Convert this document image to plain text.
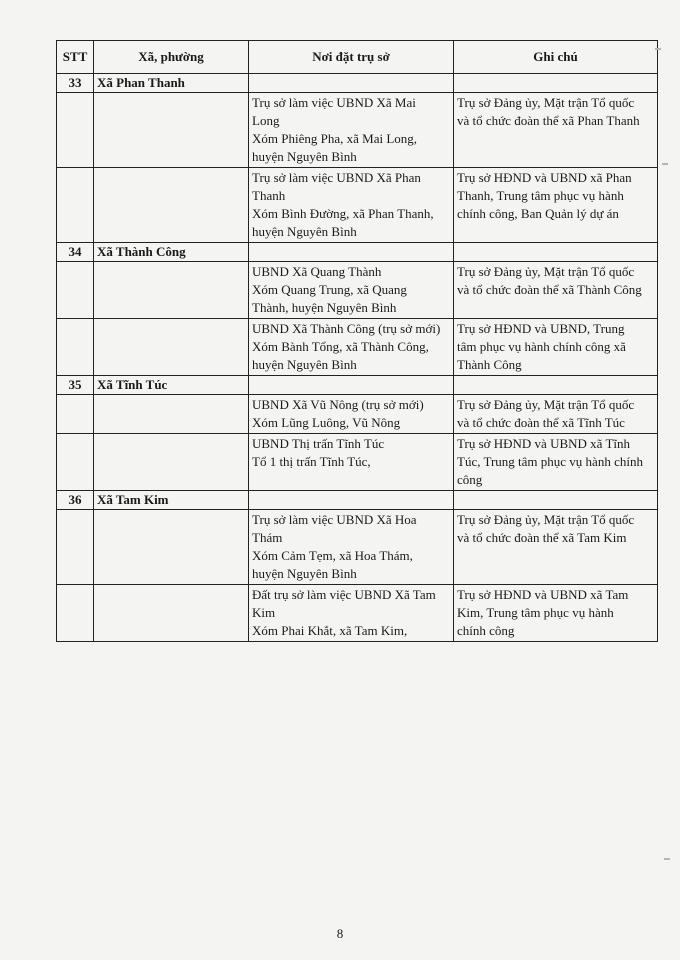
STT	Xã, phường	Nơi đặt trụ sở	Ghi chú
33	Xã Phan Thanh		

		Trụ sở làm việc UBND Xã Mai
Long
Xóm Phiêng Pha, xã Mai Long,
huyện Nguyên Bình	Trụ sở Đảng ủy, Mặt trận Tổ quốc
và tổ chức đoàn thể xã Phan Thanh

		Trụ sở làm việc UBND Xã Phan
Thanh
Xóm Bình Đường, xã Phan Thanh,
huyện Nguyên Bình	Trụ sở HĐND và UBND xã Phan
Thanh, Trung tâm phục vụ hành
chính công, Ban Quản lý dự án

34	Xã Thành Công		

		UBND Xã Quang Thành
Xóm Quang Trung, xã Quang
Thành, huyện Nguyên Bình	Trụ sở Đảng ủy, Mặt trận Tổ quốc
và tổ chức đoàn thể xã Thành Công

		UBND Xã Thành Công (trụ sở mới)
Xóm Bành Tổng, xã Thành Công,
huyện Nguyên Bình	Trụ sở HĐND và UBND, Trung
tâm phục vụ hành chính công xã
Thành Công

35	Xã Tĩnh Túc		

		UBND Xã Vũ Nông (trụ sở mới)
Xóm Lũng Luông, Vũ Nông	Trụ sở Đảng ủy, Mặt trận Tổ quốc
và tổ chức đoàn thể xã Tĩnh Túc

		UBND Thị trấn Tĩnh Túc
Tổ 1 thị trấn Tĩnh Túc,	Trụ sở HĐND và UBND xã Tĩnh
Túc, Trung tâm phục vụ hành chính
công

36	Xã Tam Kim		

		Trụ sở làm việc UBND Xã Hoa
Thám
Xóm Cảm Tẹm, xã Hoa Thám,
huyện Nguyên Bình	Trụ sở Đảng ủy, Mặt trận Tổ quốc
và tổ chức đoàn thể xã Tam Kim

		Đất trụ sở làm việc UBND Xã Tam
Kim
Xóm Phai Khắt, xã Tam Kim,	Trụ sở HĐND và UBND xã Tam
Kim, Trung tâm phục vụ hành
chính công
8
